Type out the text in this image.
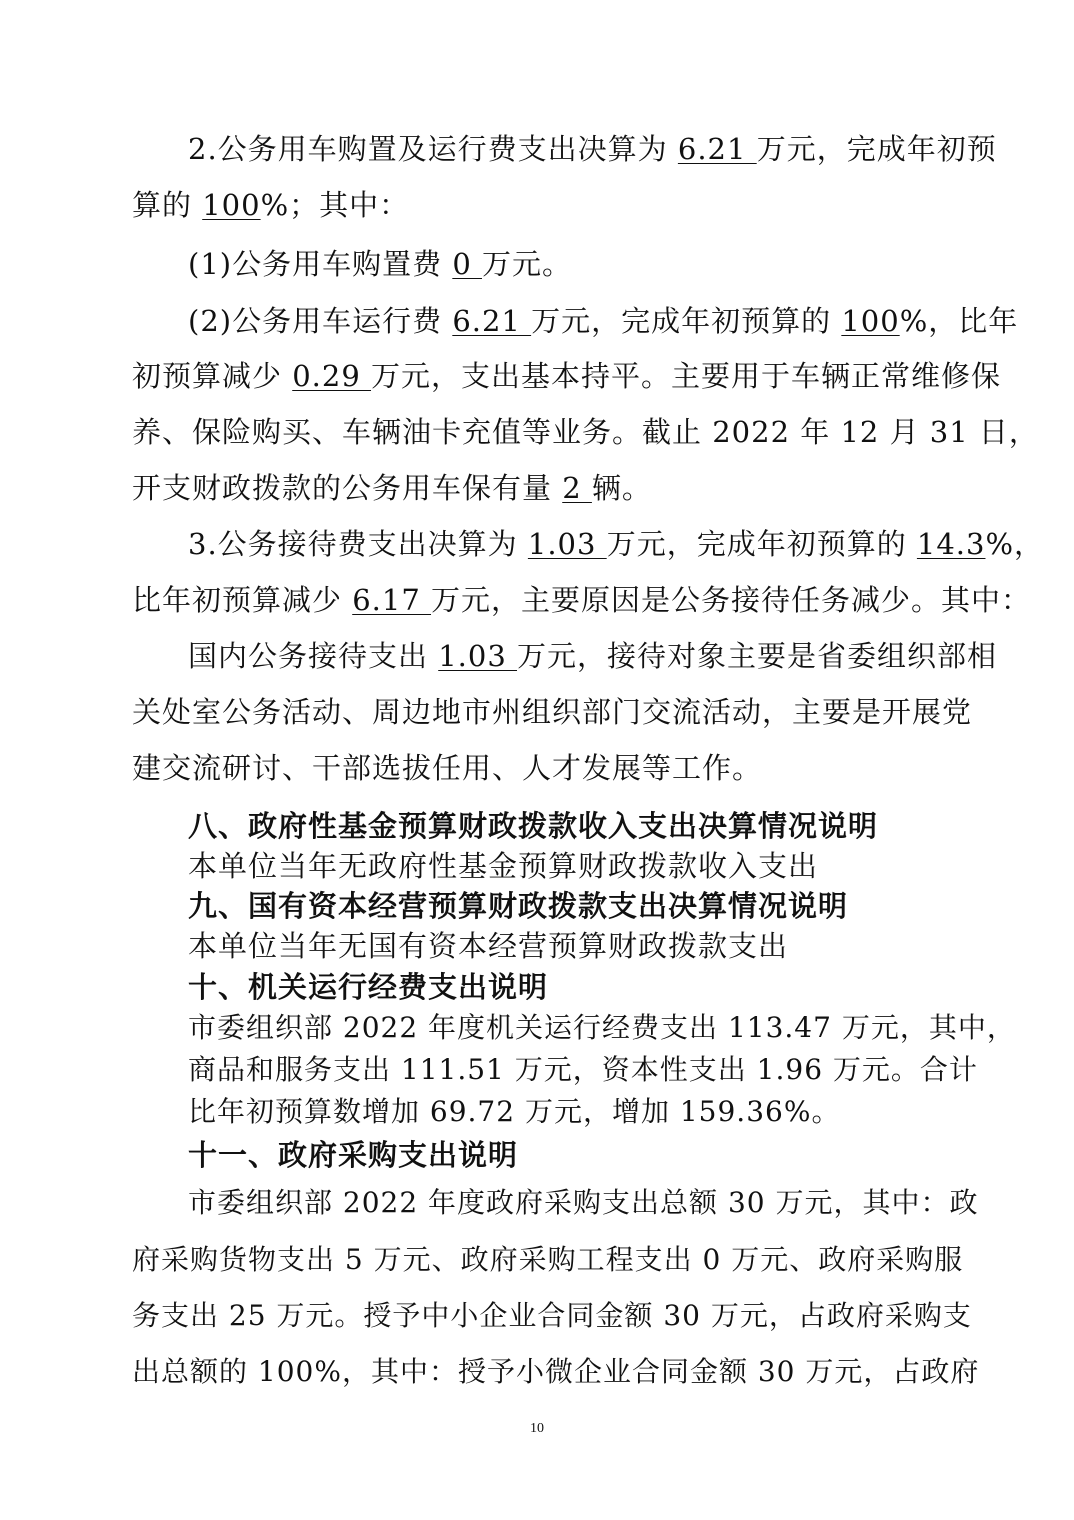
2.公务用车购置及运行费支出决算为 6.21 万元，完成年初预
算的 100%；其中：
(1)公务用车购置费 0 万元。
(2)公务用车运行费 6.21 万元，完成年初预算的 100%，比年
初预算减少 0.29 万元，支出基本持平。主要用于车辆正常维修保
养、保险购买、车辆油卡充值等业务。截止 2022 年 12 月 31 日，
开支财政拨款的公务用车保有量 2 辆。
3.公务接待费支出决算为 1.03 万元，完成年初预算的 14.3%，
比年初预算减少 6.17 万元，主要原因是公务接待任务减少。其中：
国内公务接待支出 1.03 万元，接待对象主要是省委组织部相
关处室公务活动、周边地市州组织部门交流活动，主要是开展党
建交流研讨、干部选拔任用、人才发展等工作。
八、政府性基金预算财政拨款收入支出决算情况说明
本单位当年无政府性基金预算财政拨款收入支出
九、国有资本经营预算财政拨款支出决算情况说明
本单位当年无国有资本经营预算财政拨款支出
十、机关运行经费支出说明
市委组织部 2022 年度机关运行经费支出 113.47 万元，其中，
商品和服务支出 111.51 万元，资本性支出 1.96 万元。合计
比年初预算数增加 69.72 万元，增加 159.36%。
十一、政府采购支出说明
市委组织部 2022 年度政府采购支出总额 30 万元，其中：政
府采购货物支出 5 万元、政府采购工程支出 0 万元、政府采购服
务支出 25 万元。授予中小企业合同金额 30 万元，占政府采购支
出总额的 100%，其中：授予小微企业合同金额 30 万元，占政府
10
